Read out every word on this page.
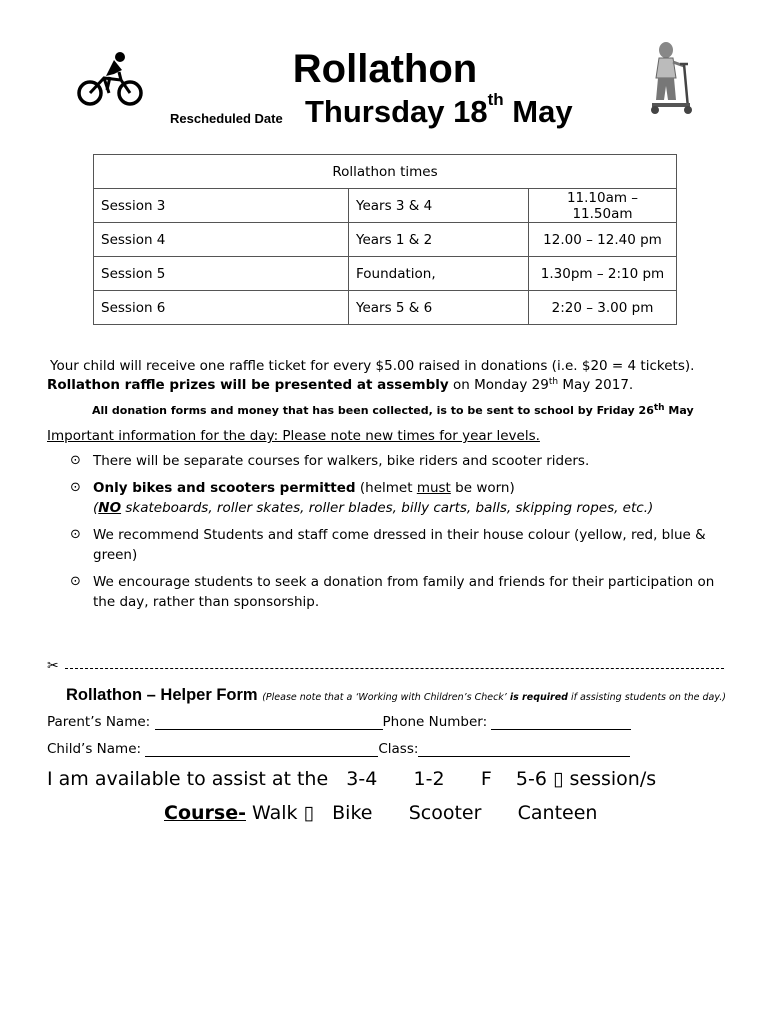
Rollathon
Rescheduled Date Thursday 18th May
Rollathon times		
Session 3	Years 3 & 4	11.10am – 11.50am
Session 4	Years 1 & 2	12.00 – 12.40 pm
Session 5	Foundation,	1.30pm – 2:10 pm
Session 6	Years 5 & 6	2:20 – 3.00 pm
Your child will receive one raffle ticket for every $5.00 raised in donations (i.e. $20 = 4 tickets).
Rollathon raffle prizes will be presented at assembly on Monday 29th May 2017.
All donation forms and money that has been collected, is to be sent to school by Friday 26th May
Important information for the day: Please note new times for year levels.
⊙ There will be separate courses for walkers, bike riders and scooter riders.
⊙ Only bikes and scooters permitted (helmet must be worn)
(NO skateboards, roller skates, roller blades, billy carts, balls, skipping ropes, etc.)
⊙ We recommend Students and staff come dressed in their house colour (yellow, red, blue & green)
⊙ We encourage students to seek a donation from family and friends for their participation on the day, rather than sponsorship.
✂
Rollathon – Helper Form (Please note that a ‘Working with Children’s Check’ is required if assisting students on the day.)
Parent’s Name:	Phone Number:
Child’s Name:	Class:
I am available to assist at the   3-4      1-2      F    5-6 ▯ session/s
Course- Walk ▯   Bike      Scooter      Canteen
